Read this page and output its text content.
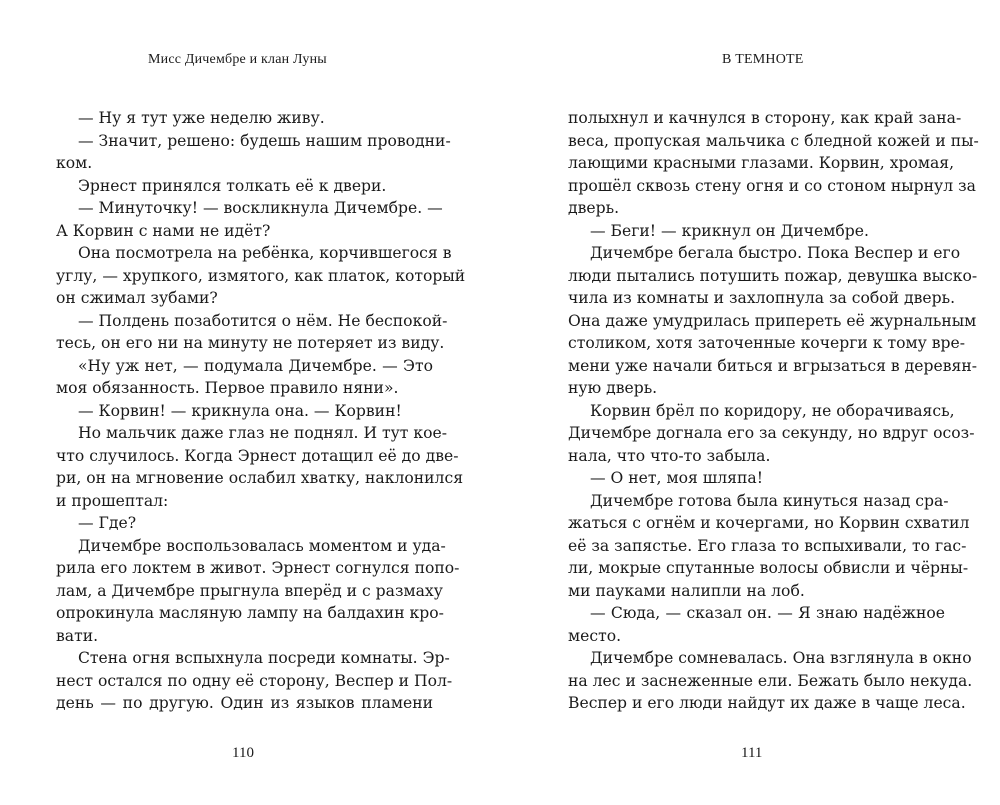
Мисс Дичембре и клан Луны
— Ну я тут уже неделю живу.
— Значит, решено: будешь нашим проводни-
ком.
Эрнест принялся толкать её к двери.
— Минуточку! — воскликнула Дичембре. —
А Корвин с нами не идёт?
Она посмотрела на ребёнка, корчившегося в
углу, — хрупкого, измятого, как платок, который
он сжимал зубами?
— Полдень позаботится о нём. Не беспокой-
тесь, он его ни на минуту не потеряет из виду.
«Ну уж нет, — подумала Дичембре. — Это
моя обязанность. Первое правило няни».
— Корвин! — крикнула она. — Корвин!
Но мальчик даже глаз не поднял. И тут кое-
что случилось. Когда Эрнест дотащил её до две-
ри, он на мгновение ослабил хватку, наклонился
и прошептал:
— Где?
Дичембре воспользовалась моментом и уда-
рила его локтем в живот. Эрнест согнулся попо-
лам, а Дичембре прыгнула вперёд и с размаху
опрокинула масляную лампу на балдахин кро-
вати.
Стена огня вспыхнула посреди комнаты. Эр-
нест остался по одну её сторону, Веспер и Пол-
день — по другую. Один из языков пламени
110
В ТЕМНОТЕ
полыхнул и качнулся в сторону, как край зана-
веса, пропуская мальчика с бледной кожей и пы-
лающими красными глазами. Корвин, хромая,
прошёл сквозь стену огня и со стоном нырнул за
дверь.
— Беги! — крикнул он Дичембре.
Дичембре бегала быстро. Пока Веспер и его
люди пытались потушить пожар, девушка выско-
чила из комнаты и захлопнула за собой дверь.
Она даже умудрилась припереть её журнальным
столиком, хотя заточенные кочерги к тому вре-
мени уже начали биться и вгрызаться в деревян-
ную дверь.
Корвин брёл по коридору, не оборачиваясь,
Дичембре догнала его за секунду, но вдруг осоз-
нала, что что-то забыла.
— О нет, моя шляпа!
Дичембре готова была кинуться назад сра-
жаться с огнём и кочергами, но Корвин схватил
её за запястье. Его глаза то вспыхивали, то гас-
ли, мокрые спутанные волосы обвисли и чёрны-
ми пауками налипли на лоб.
— Сюда, — сказал он. — Я знаю надёжное
место.
Дичембре сомневалась. Она взглянула в окно
на лес и заснеженные ели. Бежать было некуда.
Веспер и его люди найдут их даже в чаще леса.
111
